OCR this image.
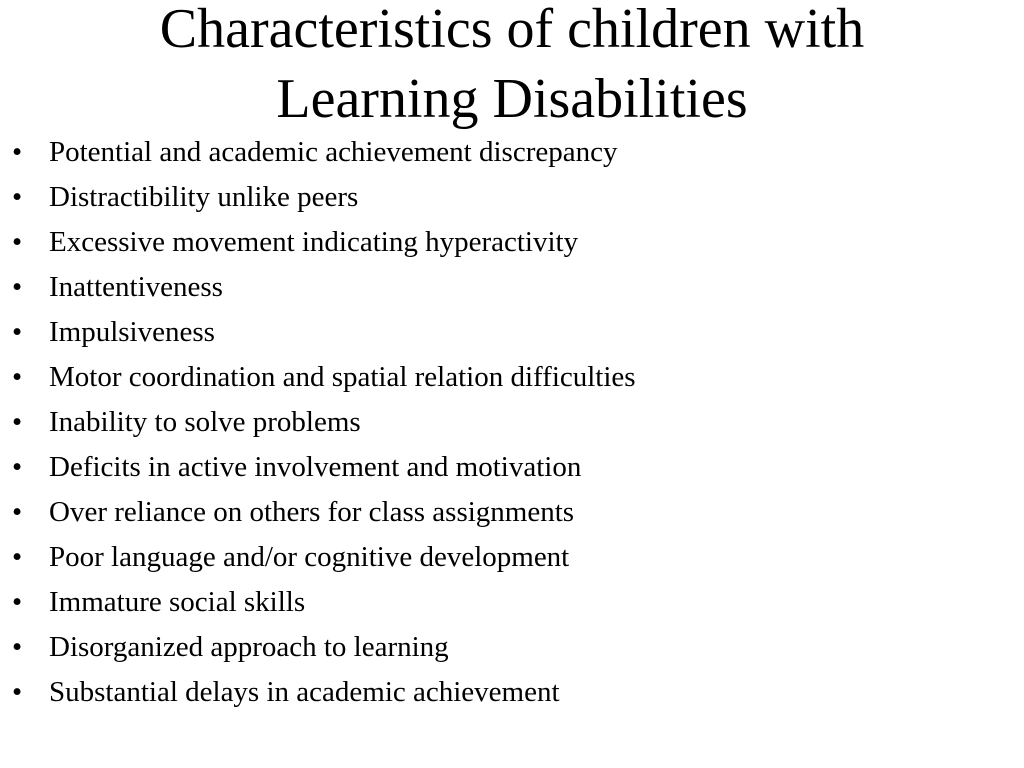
Characteristics of children with
Learning Disabilities
• Potential and academic achievement discrepancy
• Distractibility unlike peers
• Excessive movement indicating hyperactivity
• Inattentiveness
• Impulsiveness
• Motor coordination and spatial relation difficulties
• Inability to solve problems
• Deficits in active involvement and motivation
• Over reliance on others for class assignments
• Poor language and/or cognitive development
• Immature social skills
• Disorganized approach to learning
• Substantial delays in academic achievement
